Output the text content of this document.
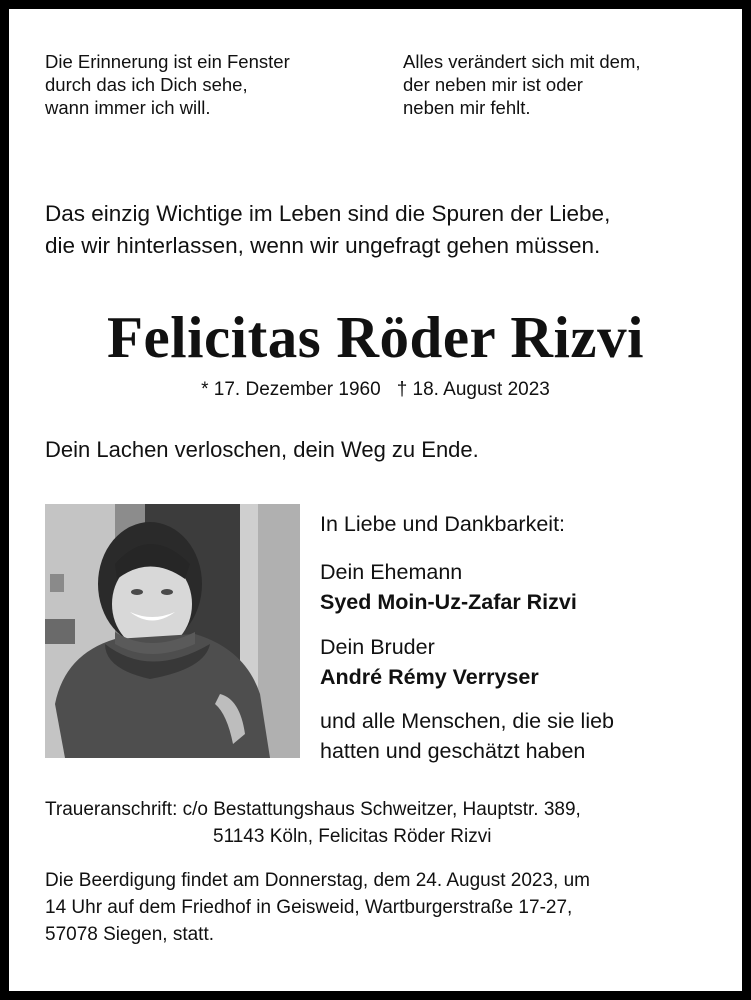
Die Erinnerung ist ein Fenster
durch das ich Dich sehe,
wann immer ich will.
Alles verändert sich mit dem,
der neben mir ist oder
neben mir fehlt.
Das einzig Wichtige im Leben sind die Spuren der Liebe,
die wir hinterlassen, wenn wir ungefragt gehen müssen.
Felicitas Röder Rizvi
* 17. Dezember 1960 † 18. August 2023
Dein Lachen verloschen, dein Weg zu Ende.
In Liebe und Dankbarkeit:
Dein Ehemann
Syed Moin-Uz-Zafar Rizvi
Dein Bruder
André Rémy Verryser
und alle Menschen, die sie lieb
hatten und geschätzt haben
Traueranschrift: c/o Bestattungshaus Schweitzer, Hauptstr. 389,
51143 Köln, Felicitas Röder Rizvi
Die Beerdigung findet am Donnerstag, dem 24. August 2023, um
14 Uhr auf dem Friedhof in Geisweid, Wartburgerstraße 17-27,
57078 Siegen, statt.
